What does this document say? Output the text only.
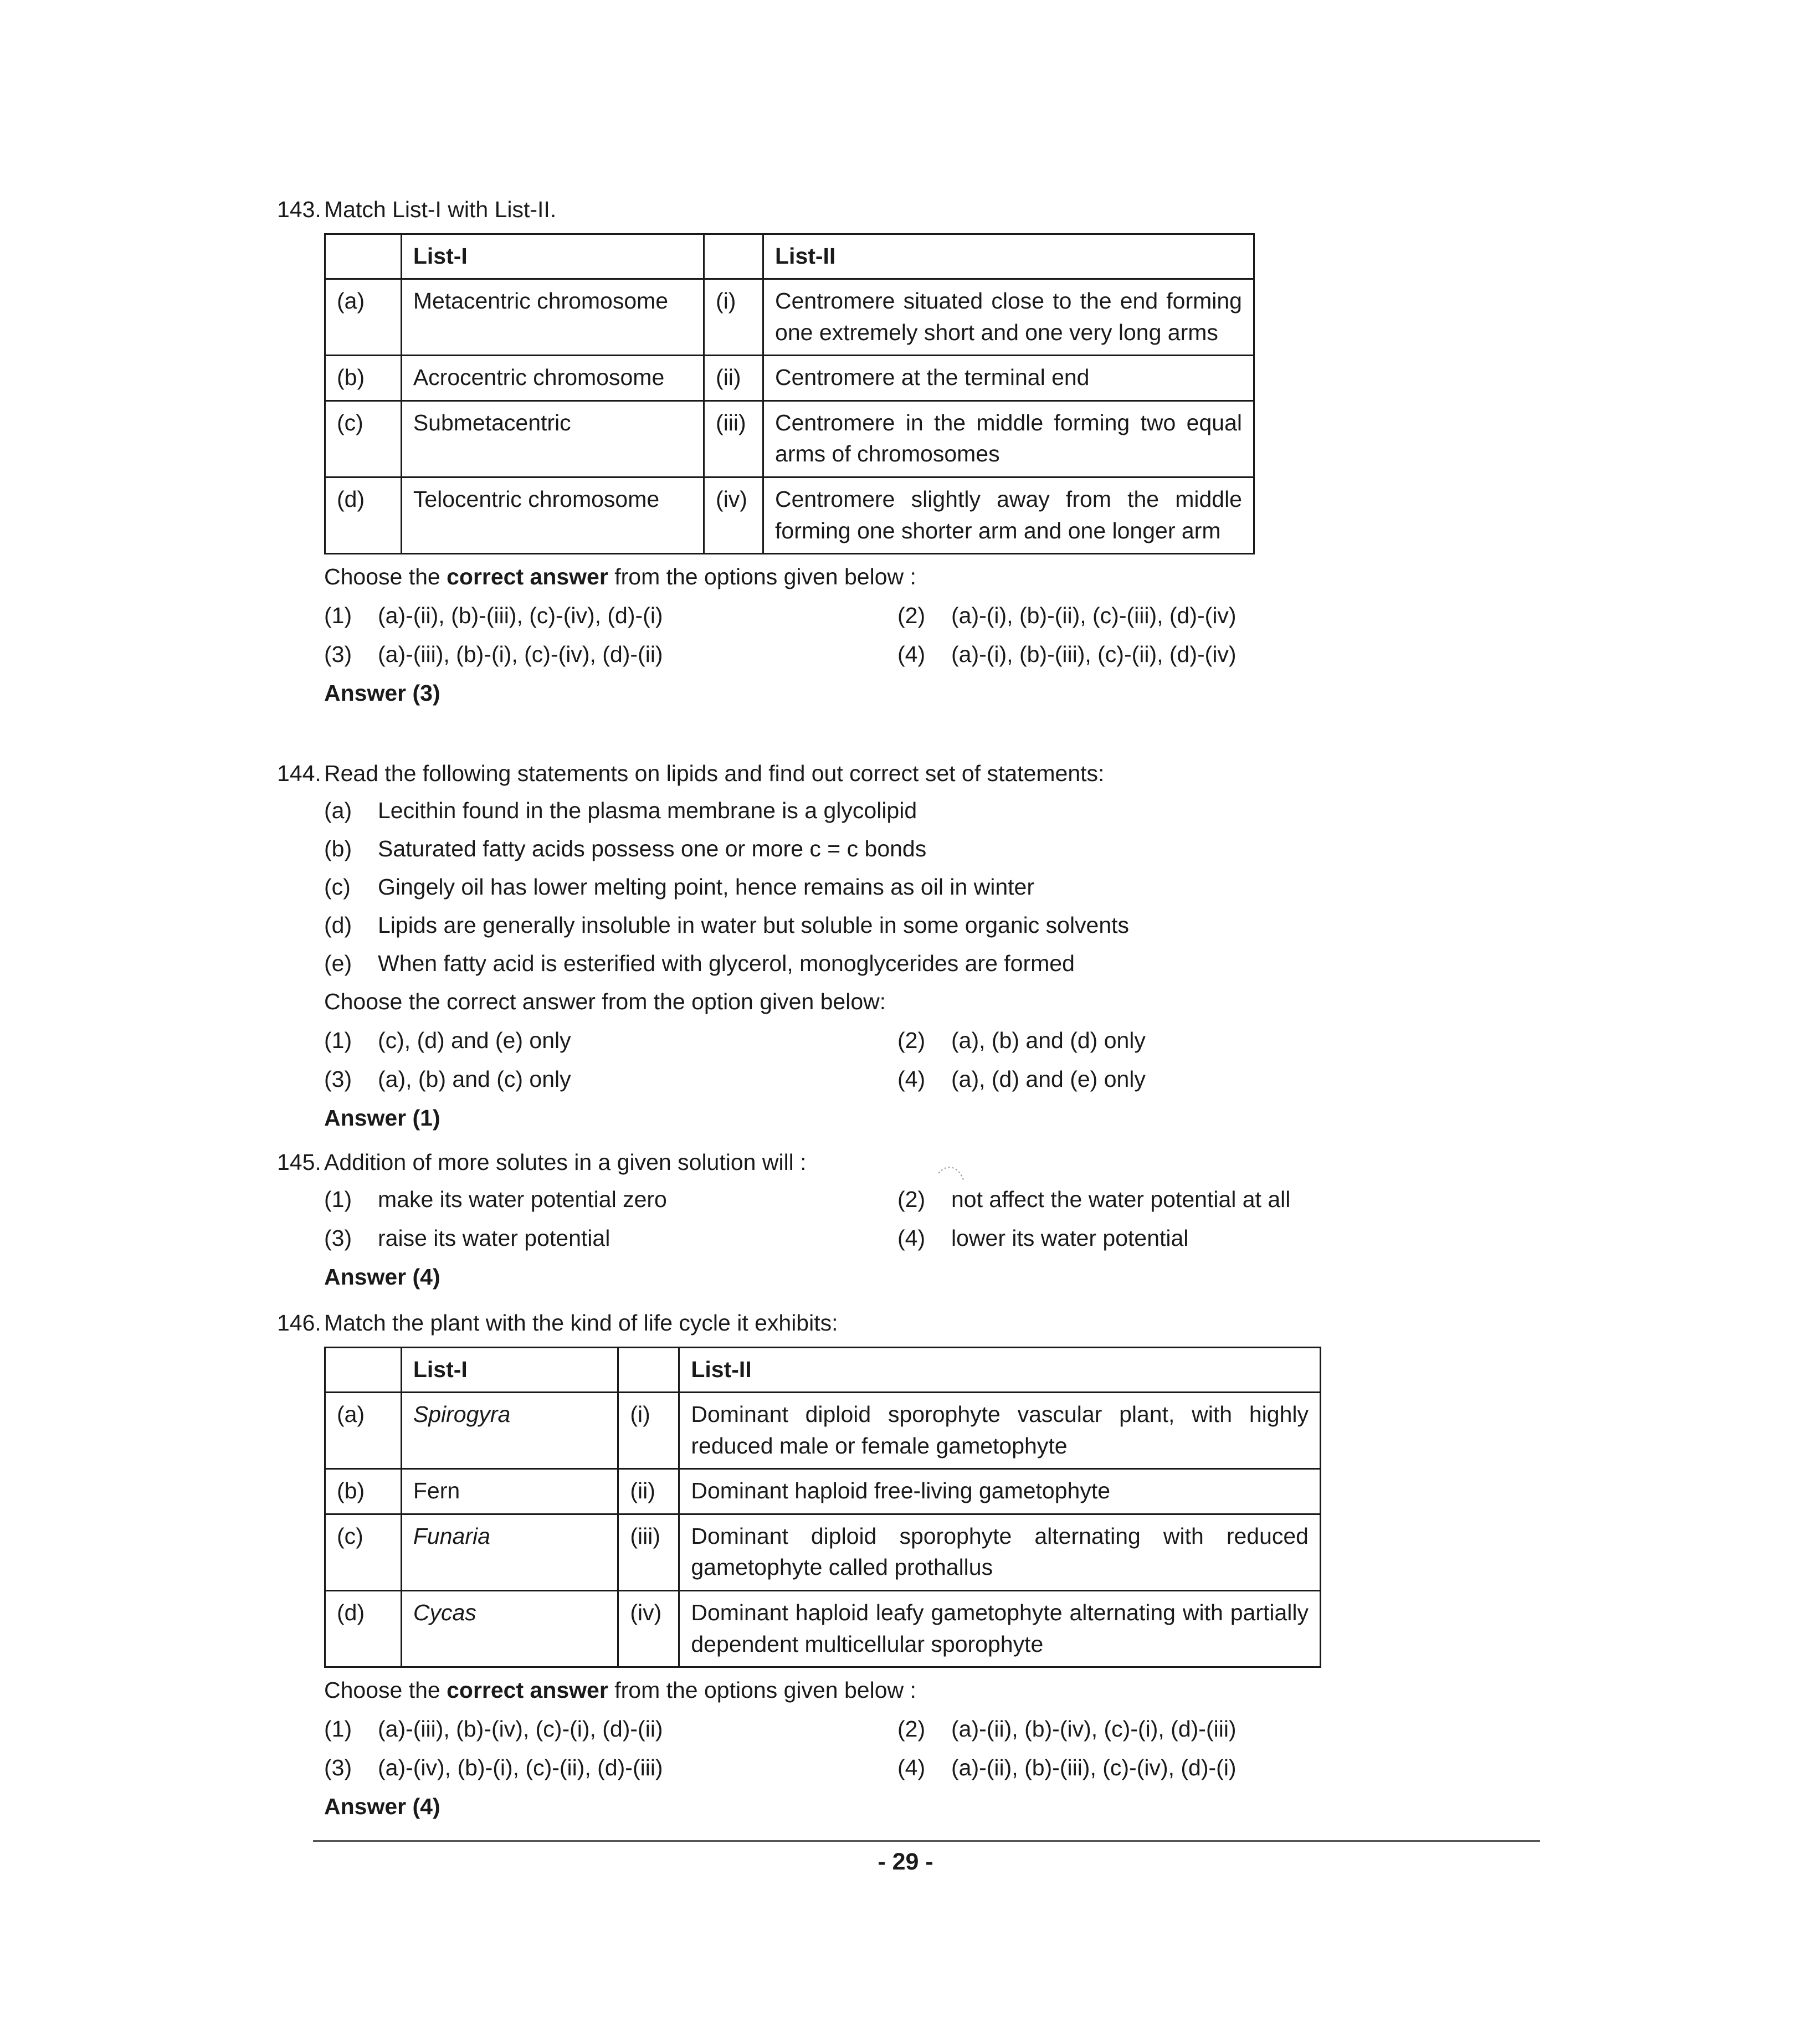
143. Match List-I with List-II.
	List-I		List-II
(a)	Metacentric chromosome	(i)	Centromere situated close to the end forming one extremely short and one very long arms
(b)	Acrocentric chromosome	(ii)	Centromere at the terminal end
(c)	Submetacentric	(iii)	Centromere in the middle forming two equal arms of chromosomes
(d)	Telocentric chromosome	(iv)	Centromere slightly away from the middle forming one shorter arm and one longer arm
Choose the correct answer from the options given below :
(1) (a)-(ii), (b)-(iii), (c)-(iv), (d)-(i)	(2) (a)-(i), (b)-(ii), (c)-(iii), (d)-(iv)
(3) (a)-(iii), (b)-(i), (c)-(iv), (d)-(ii)	(4) (a)-(i), (b)-(iii), (c)-(ii), (d)-(iv)
Answer (3)
144. Read the following statements on lipids and find out correct set of statements:
(a) Lecithin found in the plasma membrane is a glycolipid
(b) Saturated fatty acids possess one or more c = c bonds
(c) Gingely oil has lower melting point, hence remains as oil in winter
(d) Lipids are generally insoluble in water but soluble in some organic solvents
(e) When fatty acid is esterified with glycerol, monoglycerides are formed
Choose the correct answer from the option given below:
(1) (c), (d) and (e) only	(2) (a), (b) and (d) only
(3) (a), (b) and (c) only	(4) (a), (d) and (e) only
Answer (1)
145. Addition of more solutes in a given solution will :
(1) make its water potential zero	(2) not affect the water potential at all
(3) raise its water potential	(4) lower its water potential
Answer (4)
146. Match the plant with the kind of life cycle it exhibits:
	List-I		List-II
(a)	Spirogyra	(i)	Dominant diploid sporophyte vascular plant, with highly reduced male or female gametophyte
(b)	Fern	(ii)	Dominant haploid free-living gametophyte
(c)	Funaria	(iii)	Dominant diploid sporophyte alternating with reduced gametophyte called prothallus
(d)	Cycas	(iv)	Dominant haploid leafy gametophyte alternating with partially dependent multicellular sporophyte
Choose the correct answer from the options given below :
(1) (a)-(iii), (b)-(iv), (c)-(i), (d)-(ii)	(2) (a)-(ii), (b)-(iv), (c)-(i), (d)-(iii)
(3) (a)-(iv), (b)-(i), (c)-(ii), (d)-(iii)	(4) (a)-(ii), (b)-(iii), (c)-(iv), (d)-(i)
Answer (4)
- 29 -
